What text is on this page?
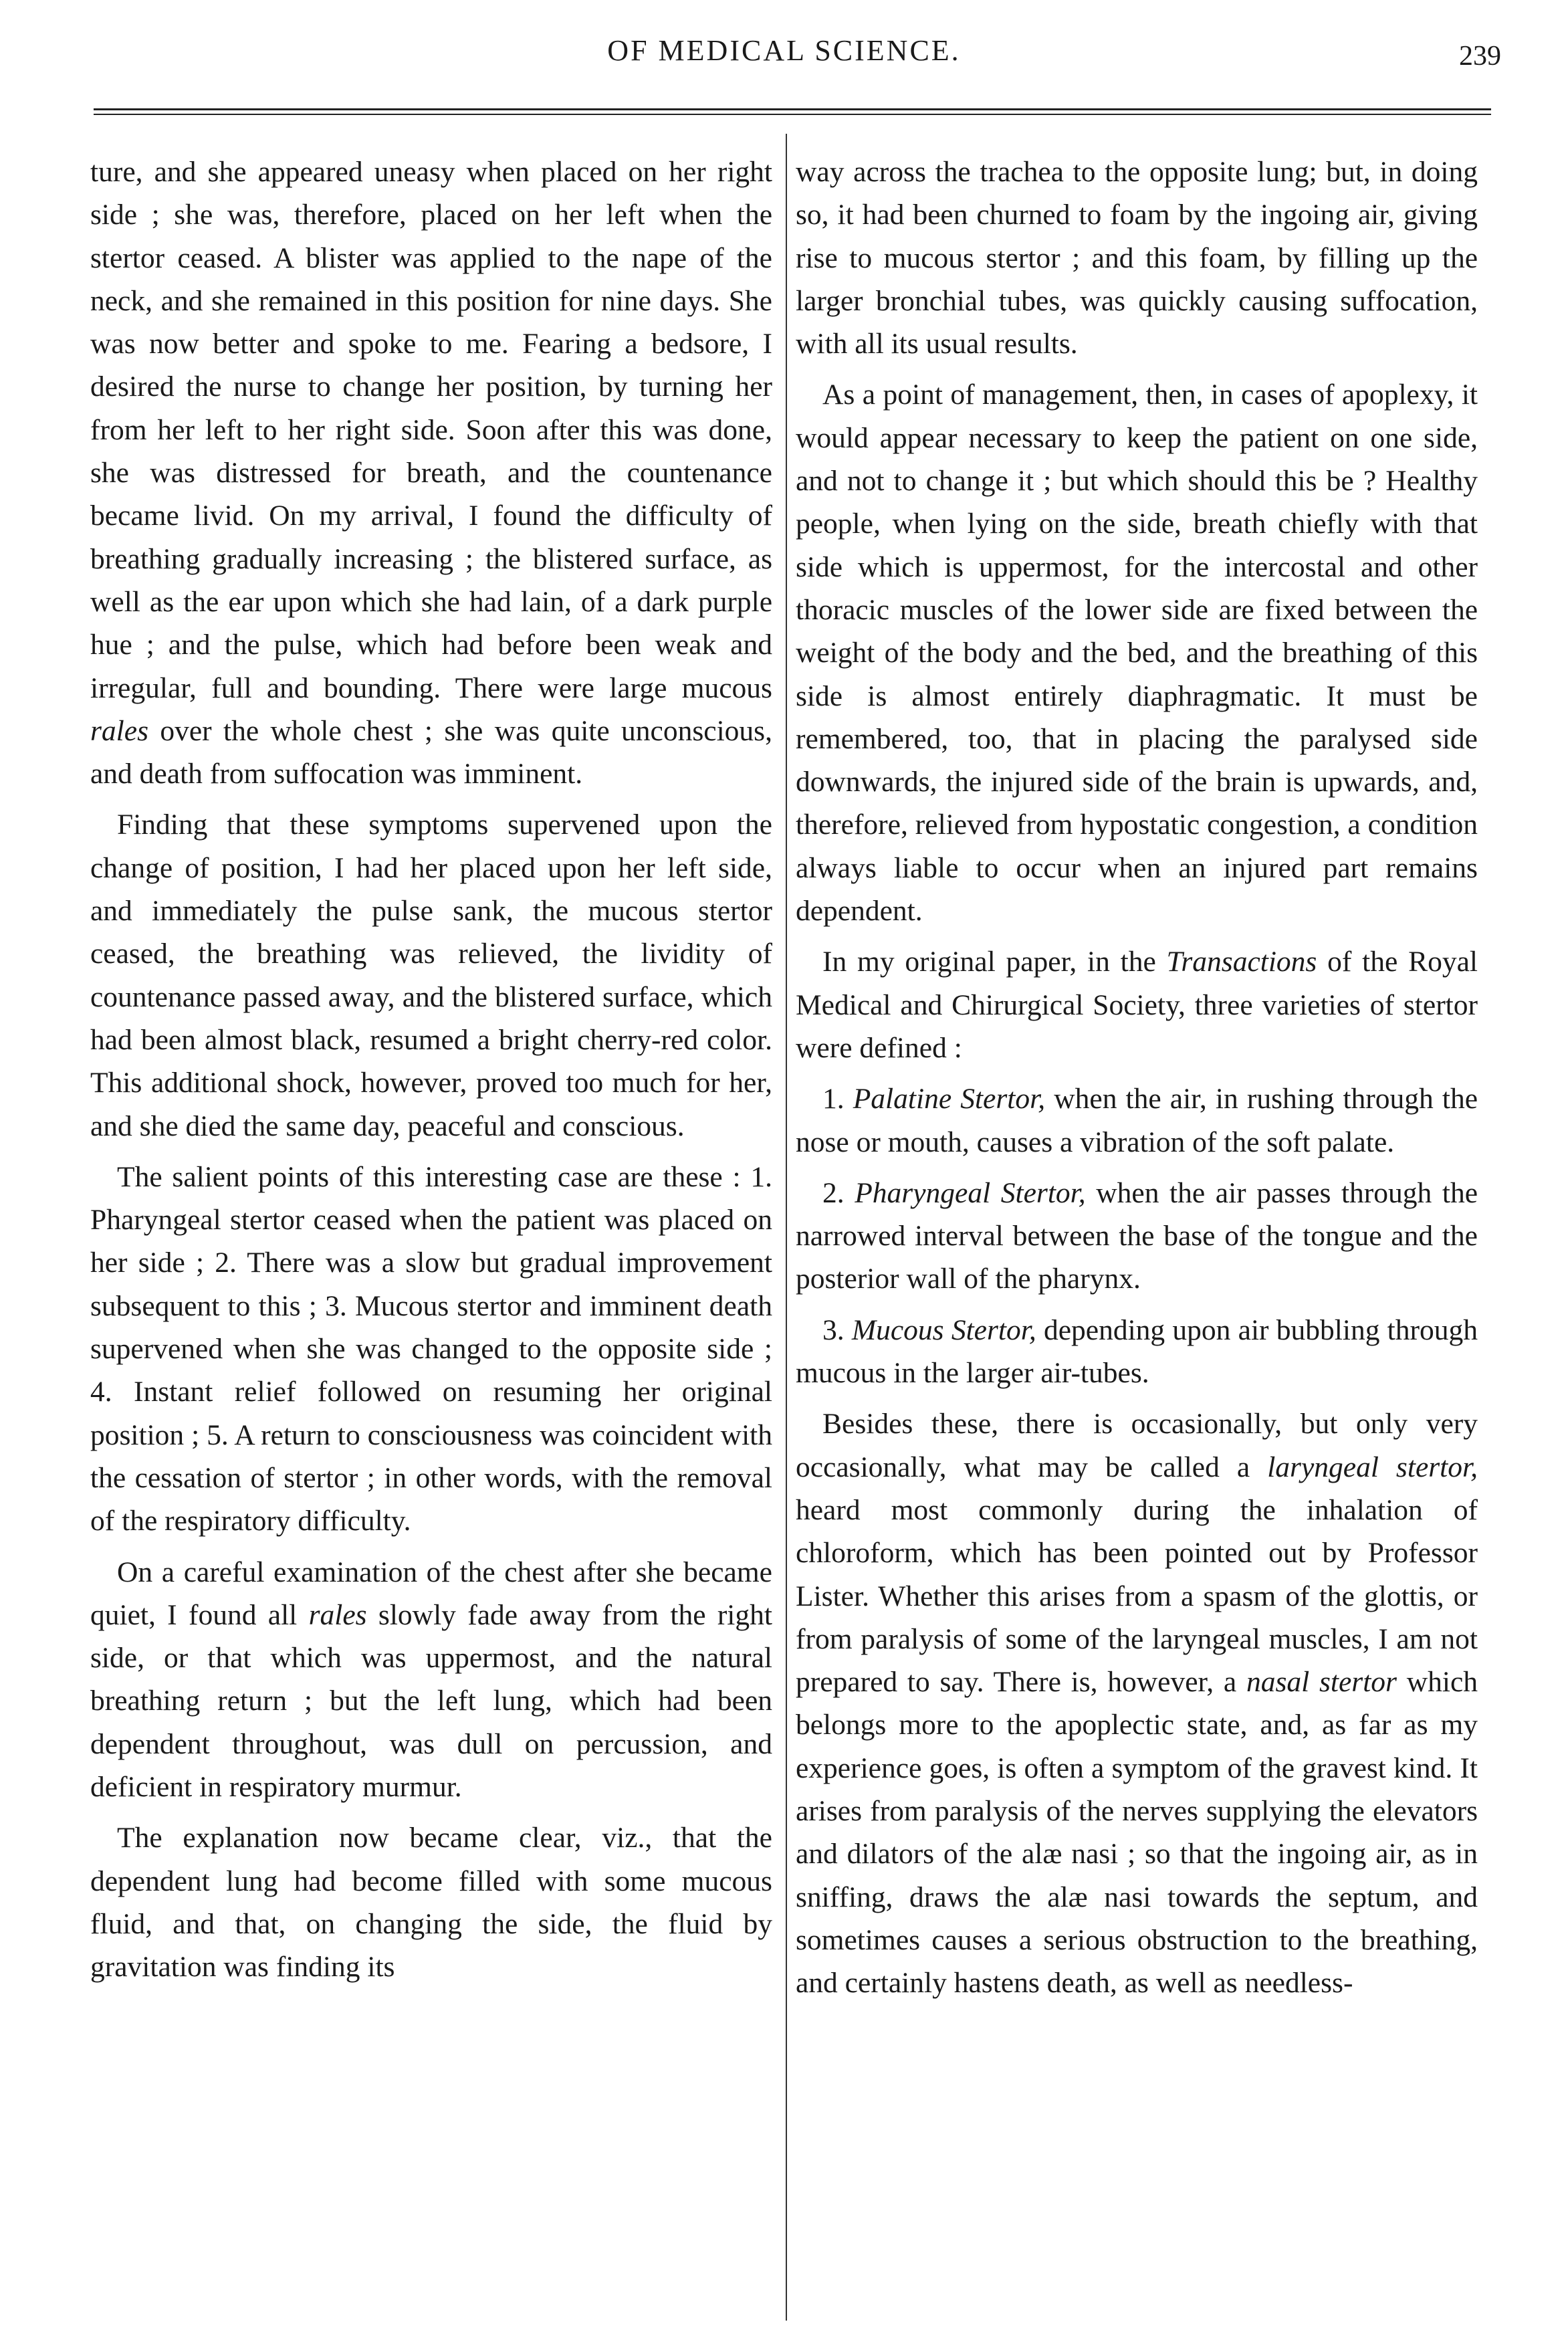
OF MEDICAL SCIENCE.	239

ture, and she appeared uneasy when placed on her right side ; she was, therefore, placed on her left when the stertor ceased. A blister was applied to the nape of the neck, and she remained in this position for nine days. She was now better and spoke to me. Fearing a bedsore, I desired the nurse to change her position, by turning her from her left to her right side. Soon after this was done, she was distressed for breath, and the countenance became livid. On my arrival, I found the difficulty of breathing gradually increasing ; the blistered surface, as well as the ear upon which she had lain, of a dark purple hue ; and the pulse, which had before been weak and irregular, full and bounding. There were large mucous rales over the whole chest ; she was quite unconscious, and death from suffocation was imminent.

Finding that these symptoms supervened upon the change of position, I had her placed upon her left side, and immediately the pulse sank, the mucous stertor ceased, the breathing was relieved, the lividity of countenance passed away, and the blistered surface, which had been almost black, resumed a bright cherry-red color. This additional shock, however, proved too much for her, and she died the same day, peaceful and conscious.

The salient points of this interesting case are these : 1. Pharyngeal stertor ceased when the patient was placed on her side ; 2. There was a slow but gradual improvement subsequent to this ; 3. Mucous stertor and imminent death supervened when she was changed to the opposite side ; 4. Instant relief followed on resuming her original position ; 5. A return to consciousness was coincident with the cessation of stertor ; in other words, with the removal of the respiratory difficulty.

On a careful examination of the chest after she became quiet, I found all rales slowly fade away from the right side, or that which was uppermost, and the natural breathing return ; but the left lung, which had been dependent throughout, was dull on percussion, and deficient in respiratory murmur.

The explanation now became clear, viz., that the dependent lung had become filled with some mucous fluid, and that, on changing the side, the fluid by gravitation was finding its

way across the trachea to the opposite lung; but, in doing so, it had been churned to foam by the ingoing air, giving rise to mucous stertor ; and this foam, by filling up the larger bronchial tubes, was quickly causing suffocation, with all its usual results.

As a point of management, then, in cases of apoplexy, it would appear necessary to keep the patient on one side, and not to change it ; but which should this be ? Healthy people, when lying on the side, breath chiefly with that side which is uppermost, for the intercostal and other thoracic muscles of the lower side are fixed between the weight of the body and the bed, and the breathing of this side is almost entirely diaphragmatic. It must be remembered, too, that in placing the paralysed side downwards, the injured side of the brain is upwards, and, therefore, relieved from hypostatic congestion, a condition always liable to occur when an injured part remains dependent.

In my original paper, in the Transactions of the Royal Medical and Chirurgical Society, three varieties of stertor were defined :

1. Palatine Stertor, when the air, in rushing through the nose or mouth, causes a vibration of the soft palate.

2. Pharyngeal Stertor, when the air passes through the narrowed interval between the base of the tongue and the posterior wall of the pharynx.

3. Mucous Stertor, depending upon air bubbling through mucous in the larger air-tubes.

Besides these, there is occasionally, but only very occasionally, what may be called a laryngeal stertor, heard most commonly during the inhalation of chloroform, which has been pointed out by Professor Lister. Whether this arises from a spasm of the glottis, or from paralysis of some of the laryngeal muscles, I am not prepared to say. There is, however, a nasal stertor which belongs more to the apoplectic state, and, as far as my experience goes, is often a symptom of the gravest kind. It arises from paralysis of the nerves supplying the elevators and dilators of the alæ nasi ; so that the ingoing air, as in sniffing, draws the alæ nasi towards the septum, and sometimes causes a serious obstruction to the breathing, and certainly hastens death, as well as needless-
